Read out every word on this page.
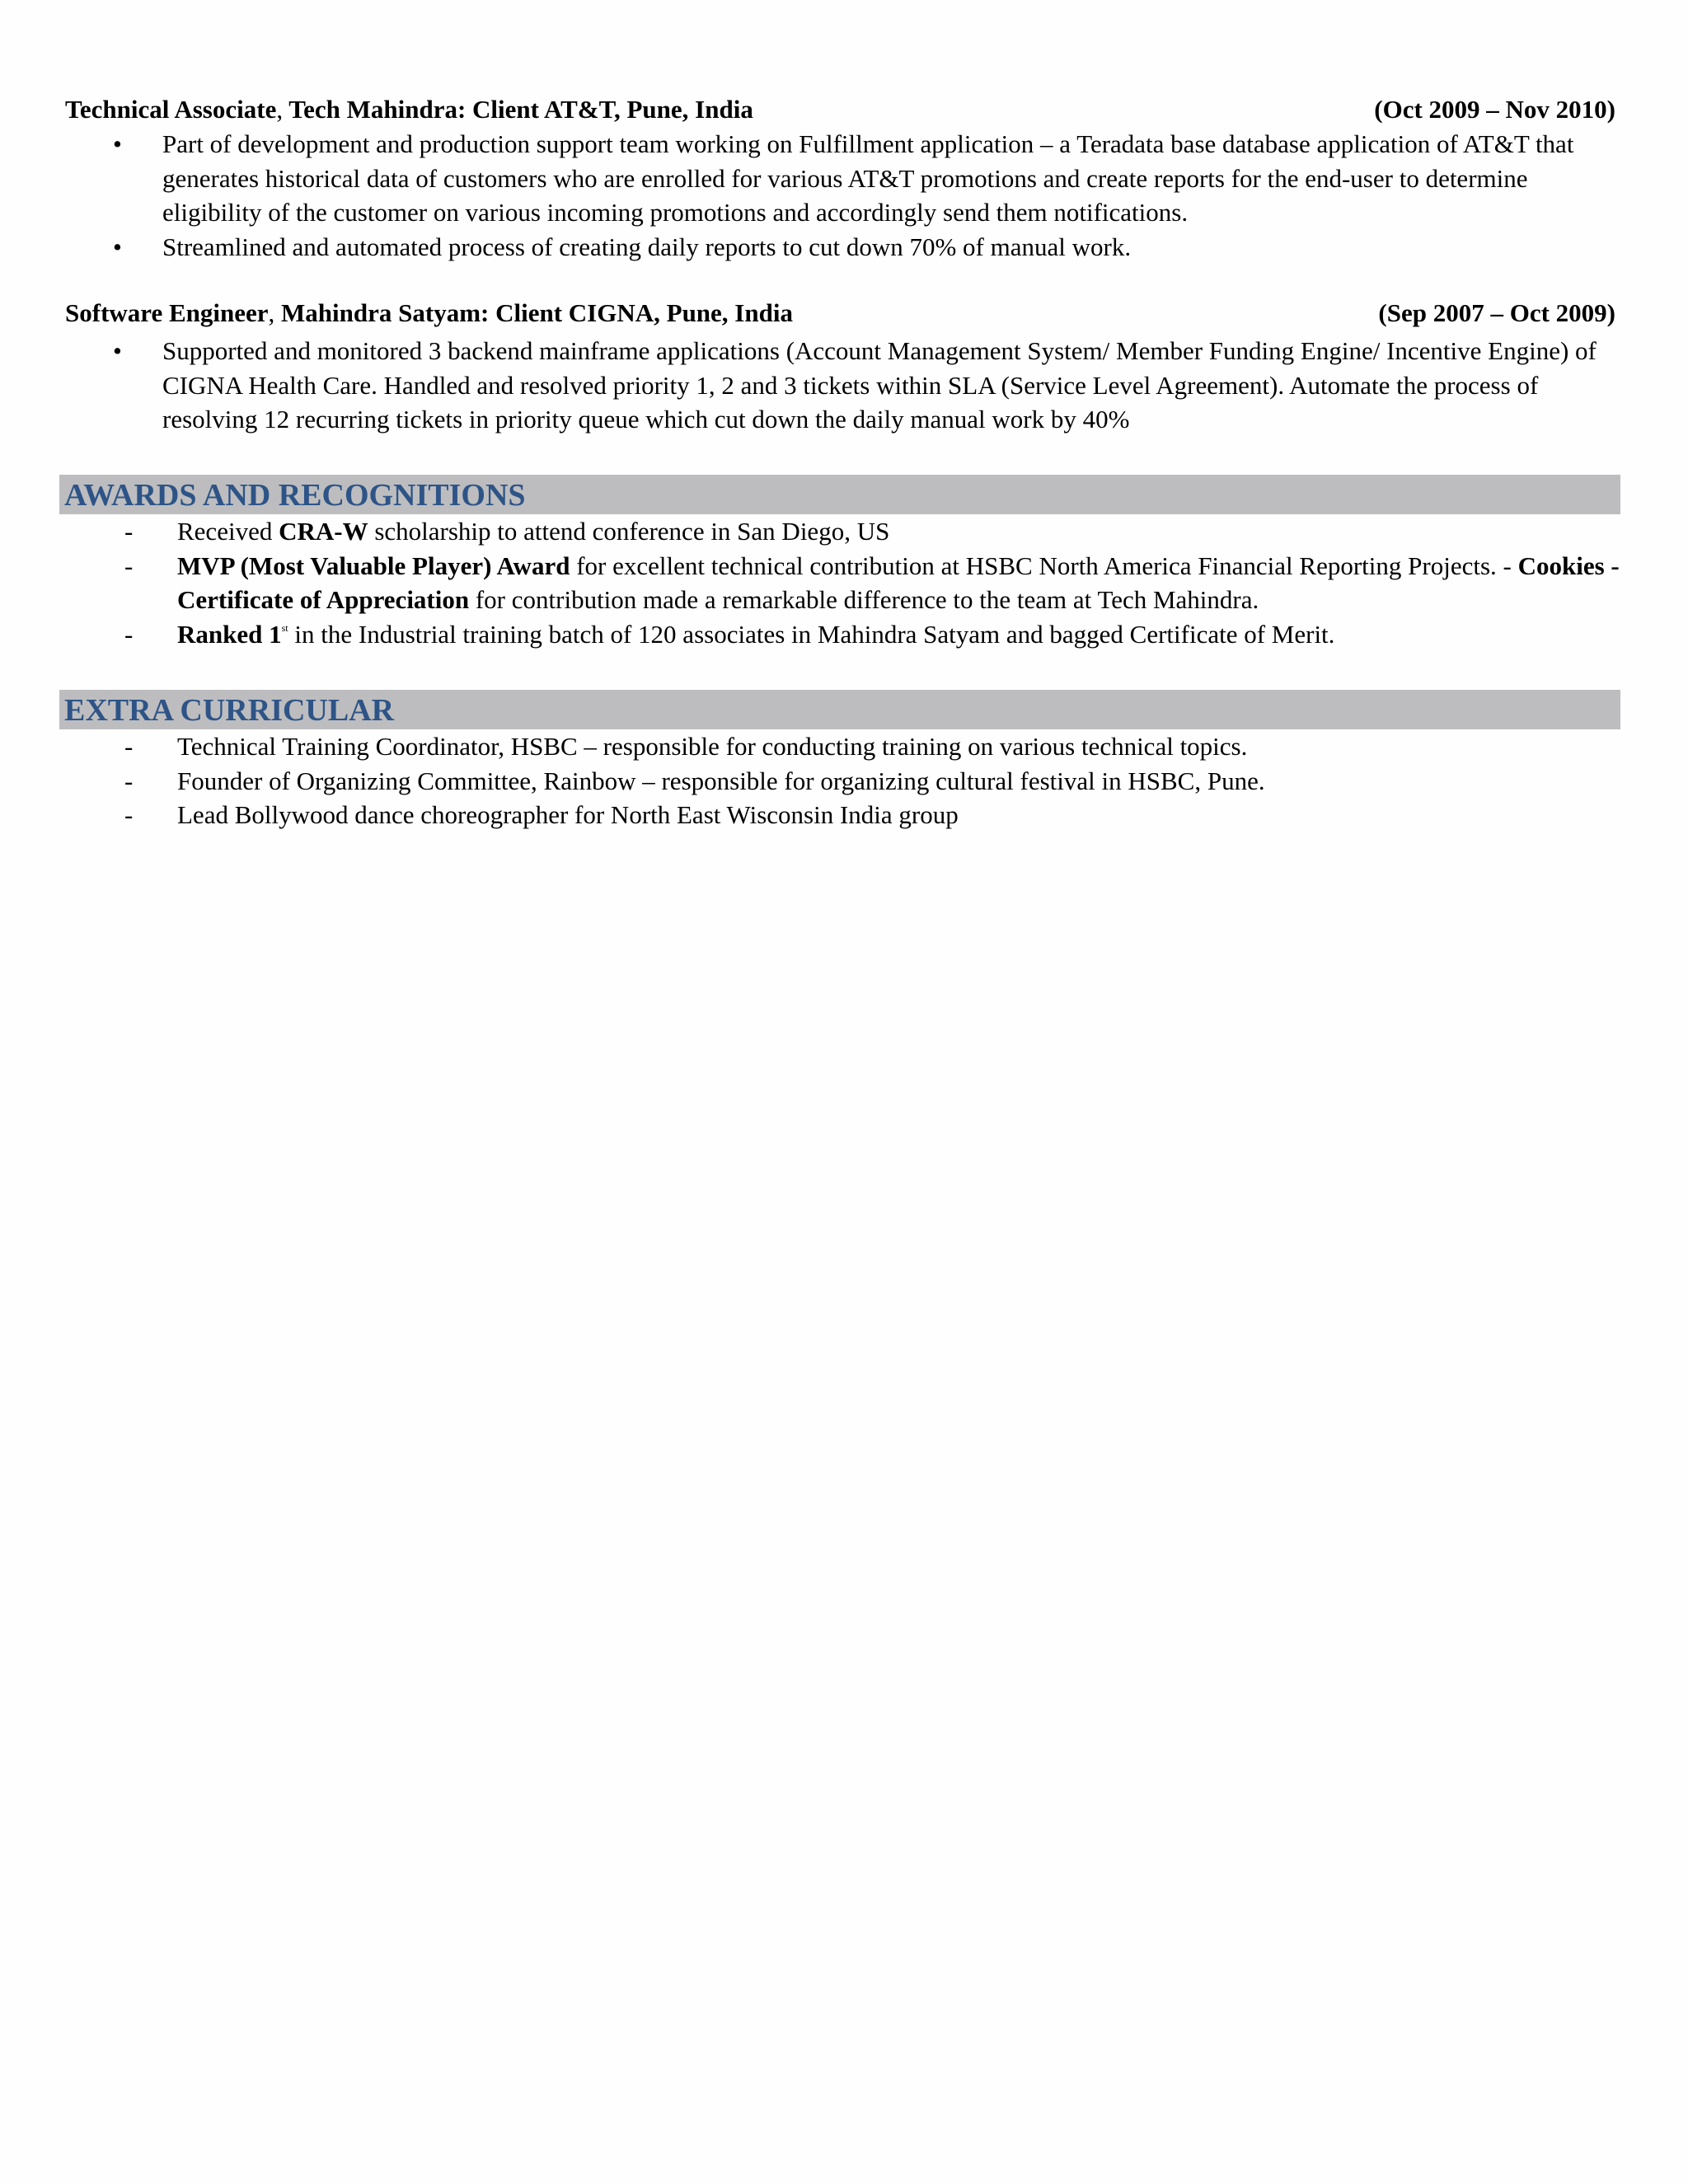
Technical Associate, Tech Mahindra: Client AT&T, Pune, India	(Oct 2009 – Nov 2010)
• Part of development and production support team working on Fulfillment application – a Teradata base database application of AT&T that generates historical data of customers who are enrolled for various AT&T promotions and create reports for the end-user to determine eligibility of the customer on various incoming promotions and accordingly send them notifications.
• Streamlined and automated process of creating daily reports to cut down 70% of manual work.
Software Engineer, Mahindra Satyam: Client CIGNA, Pune, India	(Sep 2007 – Oct 2009)
• Supported and monitored 3 backend mainframe applications (Account Management System/ Member Funding Engine/ Incentive Engine) of CIGNA Health Care. Handled and resolved priority 1, 2 and 3 tickets within SLA (Service Level Agreement). Automate the process of resolving 12 recurring tickets in priority queue which cut down the daily manual work by 40%
AWARDS AND RECOGNITIONS
- Received CRA-W scholarship to attend conference in San Diego, US
- MVP (Most Valuable Player) Award for excellent technical contribution at HSBC North America Financial Reporting Projects. - Cookies - Certificate of Appreciation for contribution made a remarkable difference to the team at Tech Mahindra.
- Ranked 1st in the Industrial training batch of 120 associates in Mahindra Satyam and bagged Certificate of Merit.
EXTRA CURRICULAR
- Technical Training Coordinator, HSBC – responsible for conducting training on various technical topics.
- Founder of Organizing Committee, Rainbow – responsible for organizing cultural festival in HSBC, Pune.
- Lead Bollywood dance choreographer for North East Wisconsin India group
